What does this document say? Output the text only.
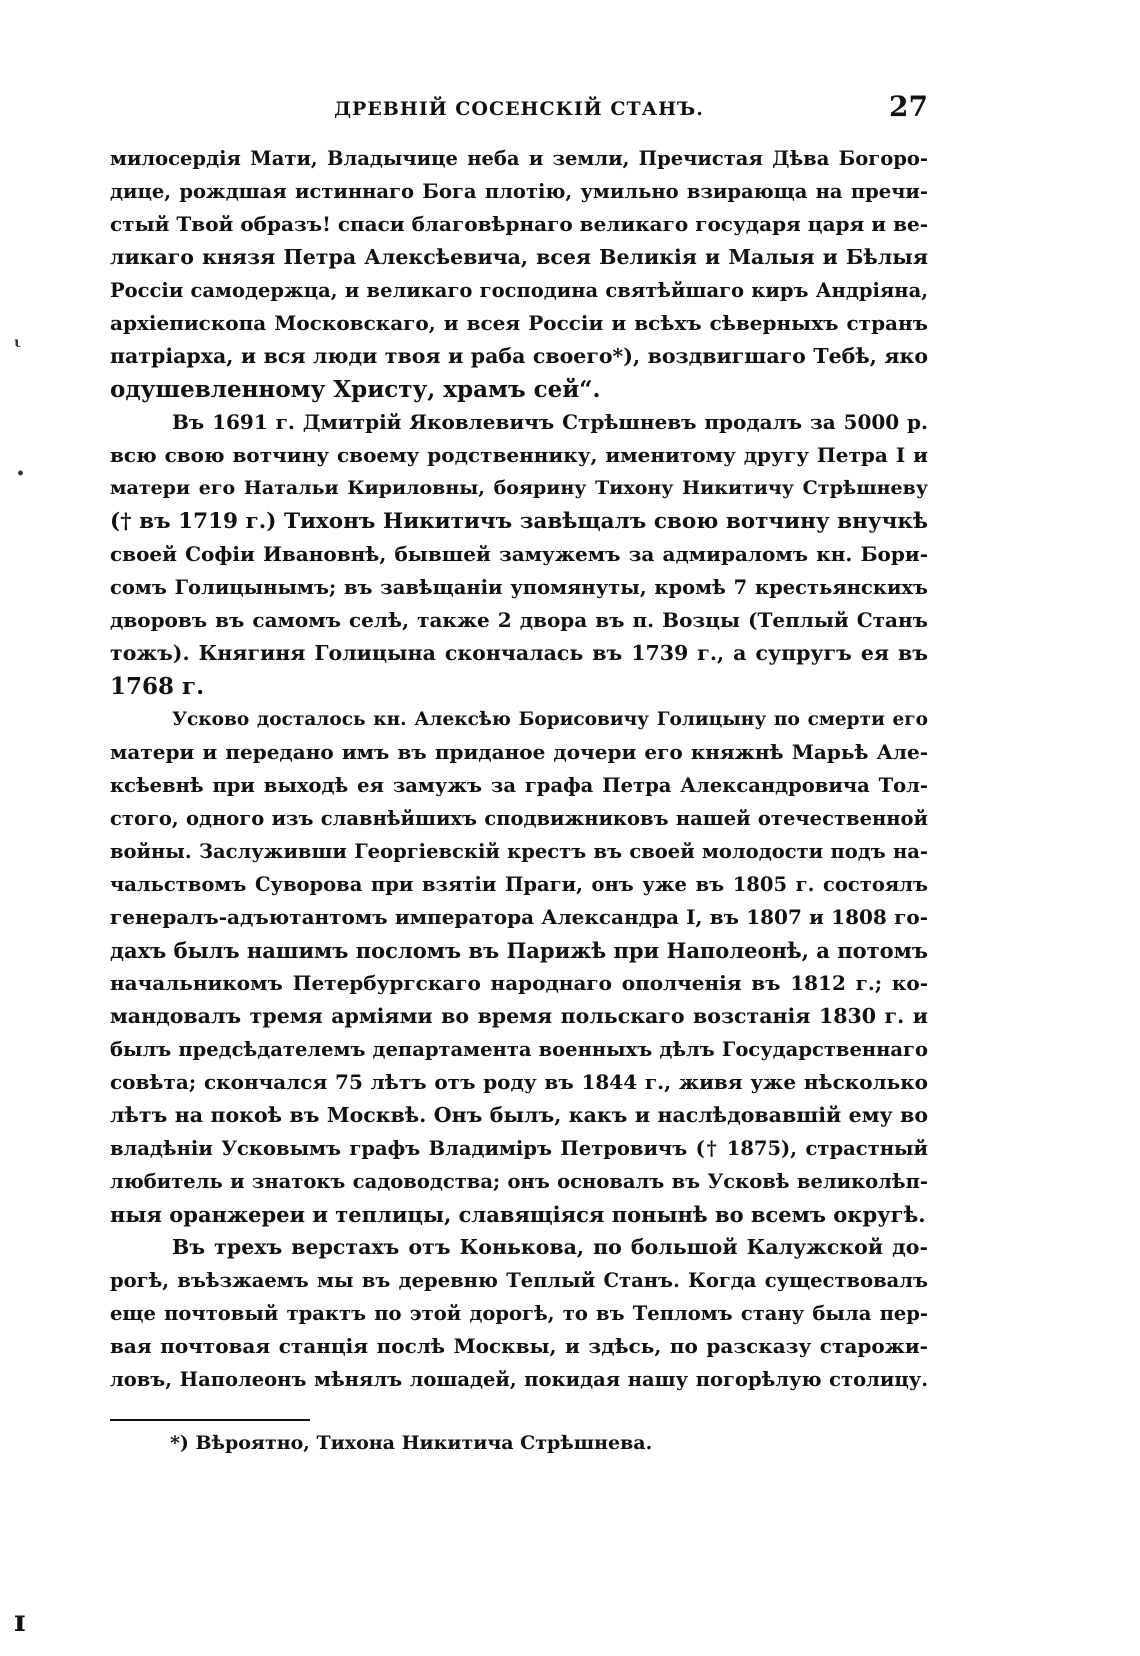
ДРЕВНІЙ СОСЕНСКІЙ СТАНЪ.	27
милосердія Мати, Владычице неба и земли, Пречистая Дѣва Богоро-
дице, рождшая истиннаго Бога плотію, умильно взирающа на пречи-
стый Твой образъ! спаси благовѣрнаго великаго государя царя и ве-
ликаго князя Петра Алексѣевича, всея Великія и Малыя и Бѣлыя
Россіи самодержца, и великаго господина святѣйшаго киръ Андріяна,
архіепископа Московскаго, и всея Россіи и всѣхъ сѣверныхъ странъ
патріарха, и вся люди твоя и раба своего*), воздвигшаго Тебѣ, яко
одушевленному Христу, храмъ сей“.
Въ 1691 г. Дмитрій Яковлевичъ Стрѣшневъ продалъ за 5000 р.
всю свою вотчину своему родственнику, именитому другу Петра I и
матери его Натальи Кириловны, боярину Тихону Никитичу Стрѣшневу
(† въ 1719 г.) Тихонъ Никитичъ завѣщалъ свою вотчину внучкѣ
своей Софіи Ивановнѣ, бывшей замужемъ за адмираломъ кн. Бори-
сомъ Голицынымъ; въ завѣщаніи упомянуты, кромѣ 7 крестьянскихъ
дворовъ въ самомъ селѣ, также 2 двора въ п. Возцы (Теплый Станъ
тожъ). Княгиня Голицына скончалась въ 1739 г., а супругъ ея въ
1768 г.
Усково досталось кн. Алексѣю Борисовичу Голицыну по смерти его
матери и передано имъ въ приданое дочери его княжнѣ Марьѣ Але-
ксѣевнѣ при выходѣ ея замужъ за графа Петра Александровича Тол-
стого, одного изъ славнѣйшихъ сподвижниковъ нашей отечественной
войны. Заслуживши Георгіевскій крестъ въ своей молодости подъ на-
чальствомъ Суворова при взятіи Праги, онъ уже въ 1805 г. состоялъ
генералъ-адъютантомъ императора Александра I, въ 1807 и 1808 го-
дахъ былъ нашимъ посломъ въ Парижѣ при Наполеонѣ, а потомъ
начальникомъ Петербургскаго народнаго ополченія въ 1812 г.; ко-
мандовалъ тремя арміями во время польскаго возстанія 1830 г. и
былъ предсѣдателемъ департамента военныхъ дѣлъ Государственнаго
совѣта; скончался 75 лѣтъ отъ роду въ 1844 г., живя уже нѣсколько
лѣтъ на покоѣ въ Москвѣ. Онъ былъ, какъ и наслѣдовавшій ему во
владѣніи Усковымъ графъ Владиміръ Петровичъ († 1875), страстный
любитель и знатокъ садоводства; онъ основалъ въ Усковѣ великолѣп-
ныя оранжереи и теплицы, славящіяся понынѣ во всемъ округѣ.
Въ трехъ верстахъ отъ Конькова, по большой Калужской до-
рогѣ, въѣзжаемъ мы въ деревню Теплый Станъ. Когда существовалъ
еще почтовый трактъ по этой дорогѣ, то въ Тепломъ стану была пер-
вая почтовая станція послѣ Москвы, и здѣсь, по разсказу старожи-
ловъ, Наполеонъ мѣнялъ лошадей, покидая нашу погорѣлую столицу.
*) Вѣроятно, Тихона Никитича Стрѣшнева.
ι
•
ɪ
